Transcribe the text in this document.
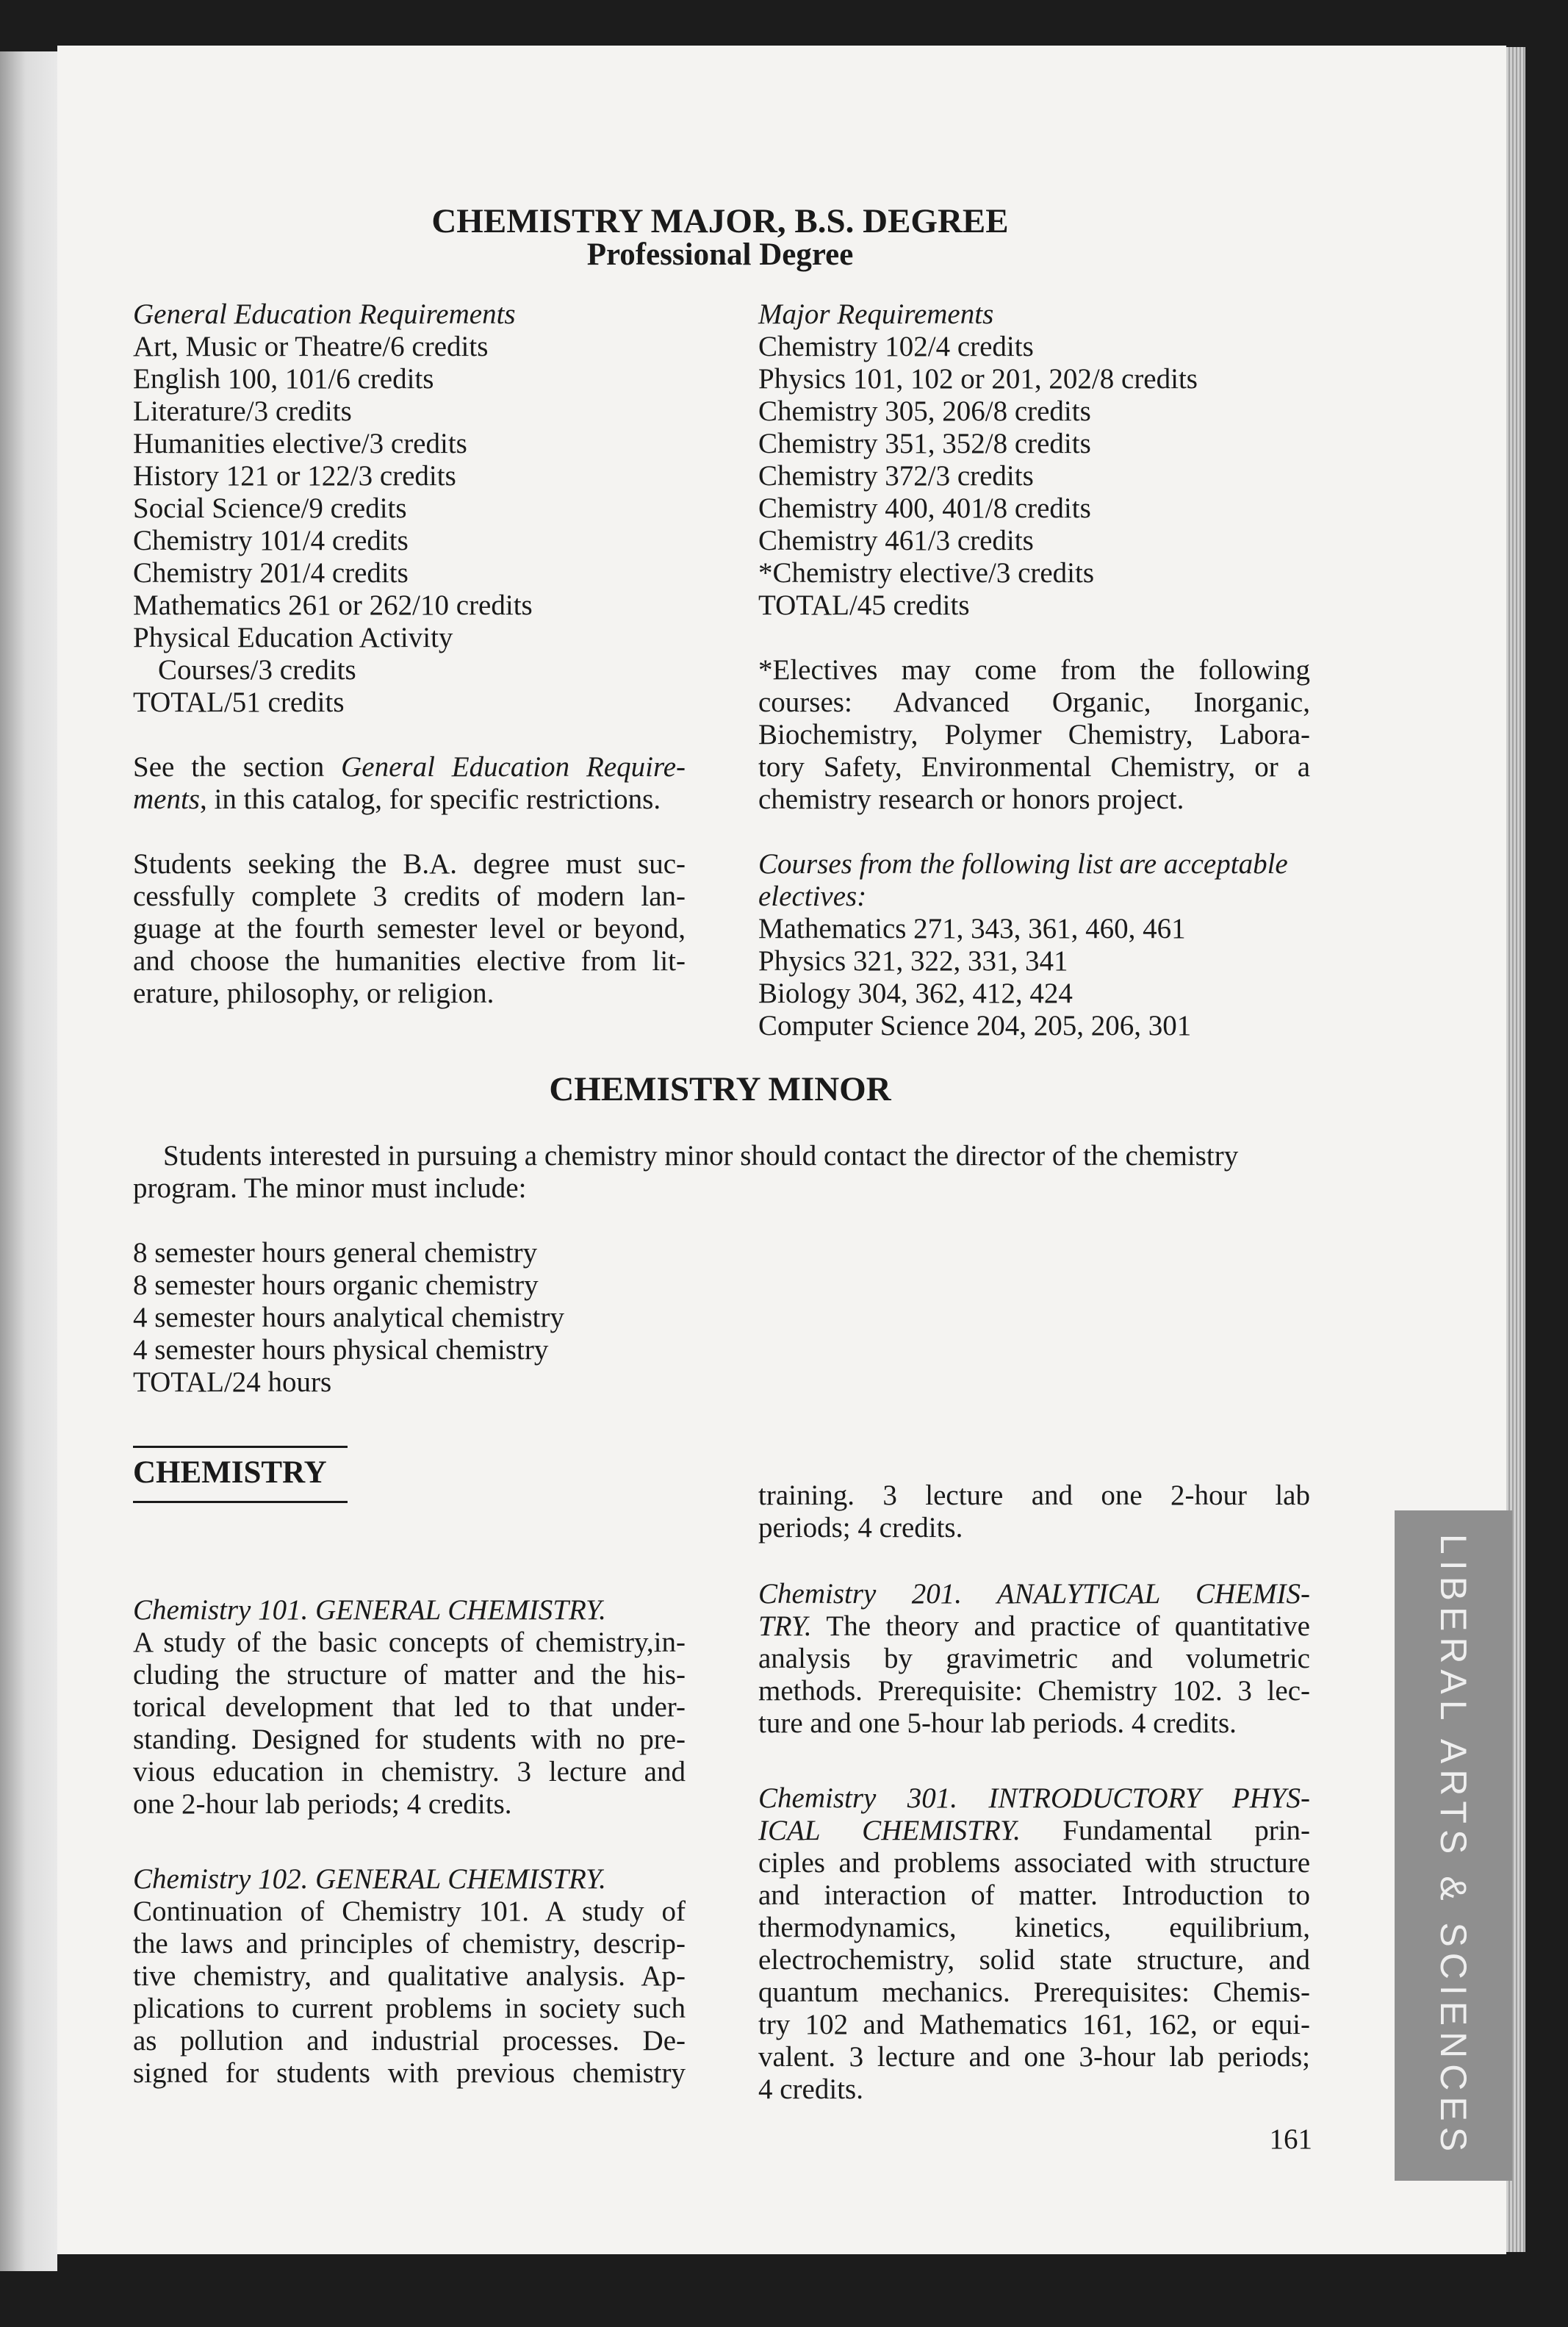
CHEMISTRY MAJOR, B.S. DEGREE
Professional Degree
General Education Requirements
Art, Music or Theatre/6 credits
English 100, 101/6 credits
Literature/3 credits
Humanities elective/3 credits
History 121 or 122/3 credits
Social Science/9 credits
Chemistry 101/4 credits
Chemistry 201/4 credits
Mathematics 261 or 262/10 credits
Physical Education Activity
Courses/3 credits
TOTAL/51 credits
See the section General Education Require-
ments, in this catalog, for specific restrictions.
Students seeking the B.A. degree must suc-
cessfully complete 3 credits of modern lan-
guage at the fourth semester level or beyond,
and choose the humanities elective from lit-
erature, philosophy, or religion.
Major Requirements
Chemistry 102/4 credits
Physics 101, 102 or 201, 202/8 credits
Chemistry 305, 206/8 credits
Chemistry 351, 352/8 credits
Chemistry 372/3 credits
Chemistry 400, 401/8 credits
Chemistry 461/3 credits
*Chemistry elective/3 credits
TOTAL/45 credits
*Electives may come from the following
courses: Advanced Organic, Inorganic,
Biochemistry, Polymer Chemistry, Labora-
tory Safety, Environmental Chemistry, or a
chemistry research or honors project.
Courses from the following list are acceptable
electives:
Mathematics 271, 343, 361, 460, 461
Physics 321, 322, 331, 341
Biology 304, 362, 412, 424
Computer Science 204, 205, 206, 301
CHEMISTRY MINOR
Students interested in pursuing a chemistry minor should contact the director of the chemistry
program. The minor must include:
8 semester hours general chemistry
8 semester hours organic chemistry
4 semester hours analytical chemistry
4 semester hours physical chemistry
TOTAL/24 hours
CHEMISTRY
Chemistry 101. GENERAL CHEMISTRY.
A study of the basic concepts of chemistry,in-
cluding the structure of matter and the his-
torical development that led to that under-
standing. Designed for students with no pre-
vious education in chemistry. 3 lecture and
one 2-hour lab periods; 4 credits.
Chemistry 102. GENERAL CHEMISTRY.
Continuation of Chemistry 101. A study of
the laws and principles of chemistry, descrip-
tive chemistry, and qualitative analysis. Ap-
plications to current problems in society such
as pollution and industrial processes. De-
signed for students with previous chemistry
training. 3 lecture and one 2-hour lab
periods; 4 credits.
Chemistry 201. ANALYTICAL CHEMIS-
TRY. The theory and practice of quantitative
analysis by gravimetric and volumetric
methods. Prerequisite: Chemistry 102. 3 lec-
ture and one 5-hour lab periods. 4 credits.
Chemistry 301. INTRODUCTORY PHYS-
ICAL CHEMISTRY. Fundamental prin-
ciples and problems associated with structure
and interaction of matter. Introduction to
thermodynamics, kinetics, equilibrium,
electrochemistry, solid state structure, and
quantum mechanics. Prerequisites: Chemis-
try 102 and Mathematics 161, 162, or equi-
valent. 3 lecture and one 3-hour lab periods;
4 credits.
161	LIBERAL ARTS & SCIENCES
